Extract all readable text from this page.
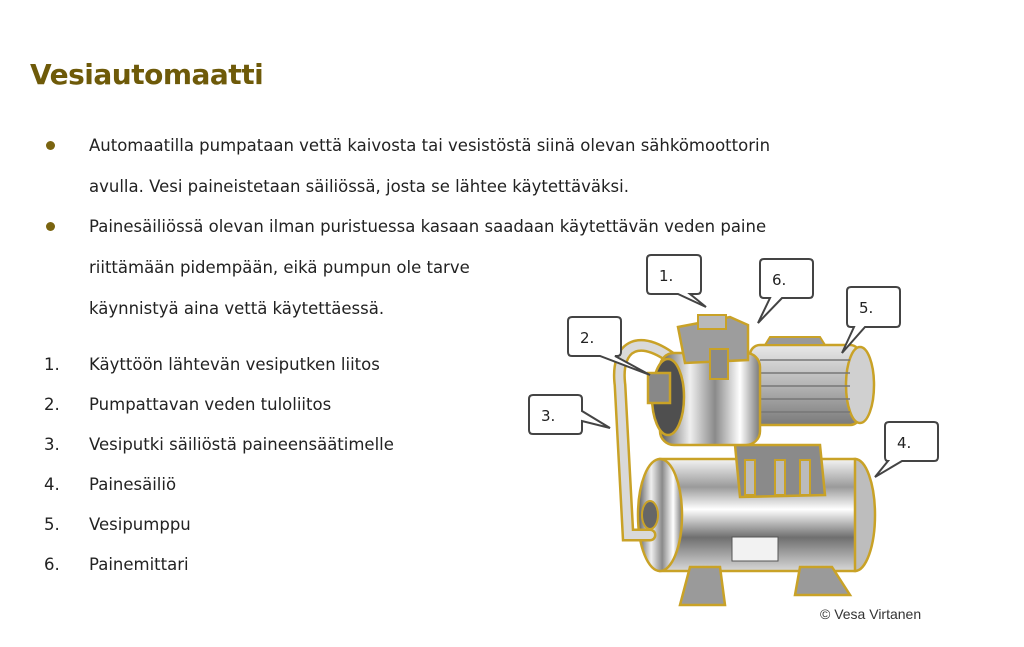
Vesiautomaatti
Automaatilla pumpataan vettä kaivosta tai vesistöstä siinä olevan sähkömoottorin
avulla. Vesi paineistetaan säiliössä, josta se lähtee käytettäväksi.
Painesäiliössä olevan ilman puristuessa kasaan saadaan käytettävän veden paine
riittämään pidempään, eikä pumpun ole tarve
käynnistyä aina vettä käytettäessä.
1.	Käyttöön lähtevän vesiputken liitos
2.	Pumpattavan veden tuloliitos
3.	Vesiputki säiliöstä paineensäätimelle
4.	Painesäiliö
5.	Vesipumppu
6.	Painemittari
1.	6.
5.
2.
3.
4.
© Vesa Virtanen
